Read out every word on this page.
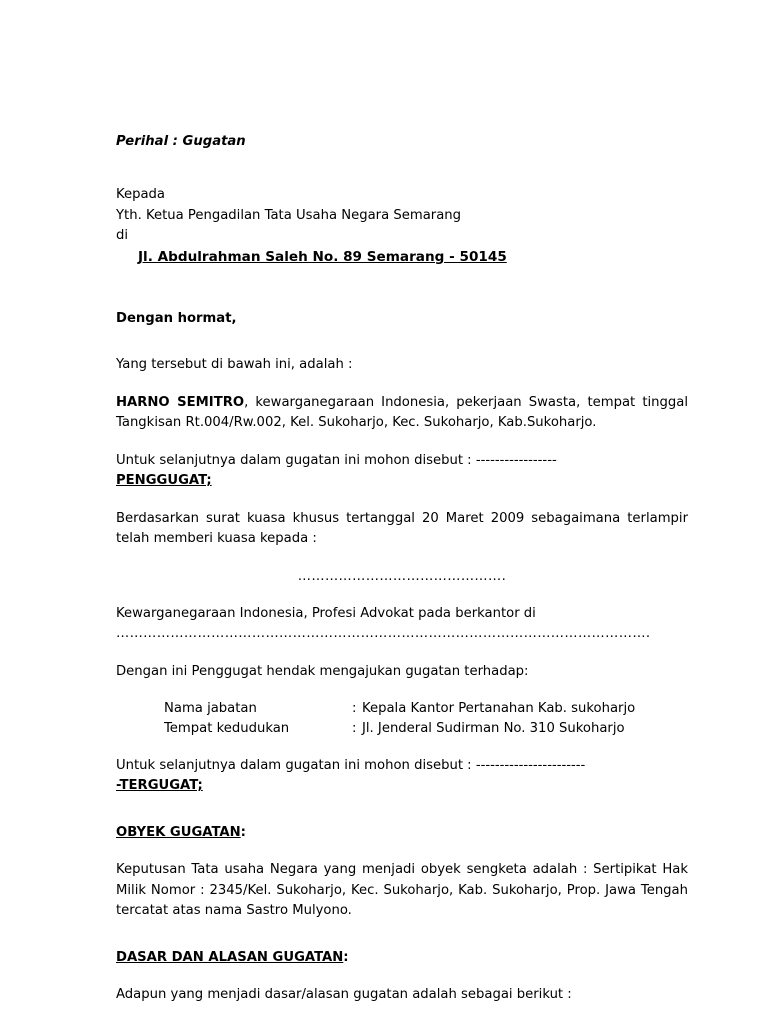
Perihal : Gugatan
Kepada
Yth. Ketua Pengadilan Tata Usaha Negara Semarang
di
Jl. Abdulrahman Saleh No. 89 Semarang - 50145
Dengan hormat,
Yang tersebut di bawah ini, adalah :
HARNO SEMITRO, kewarganegaraan Indonesia, pekerjaan Swasta, tempat tinggal Tangkisan Rt.004/Rw.002, Kel. Sukoharjo, Kec. Sukoharjo, Kab.Sukoharjo.
Untuk selanjutnya dalam gugatan ini mohon disebut : -----------------
PENGGUGAT;
Berdasarkan surat kuasa khusus tertanggal 20 Maret 2009 sebagaimana terlampir telah memberi kuasa kepada :
……………………………………….
Kewarganegaraan Indonesia, Profesi Advokat pada berkantor di
……………………………………………………………………………………………………….
Dengan ini Penggugat hendak mengajukan gugatan terhadap:
Nama jabatan	: Kepala Kantor Pertanahan Kab. sukoharjo
Tempat kedudukan	: Jl. Jenderal Sudirman No. 310 Sukoharjo
Untuk selanjutnya dalam gugatan ini mohon disebut : -----------------------
-TERGUGAT;
OBYEK GUGATAN:
Keputusan Tata usaha Negara yang menjadi obyek sengketa adalah : Sertipikat Hak Milik Nomor : 2345/Kel. Sukoharjo, Kec. Sukoharjo, Kab. Sukoharjo, Prop. Jawa Tengah tercatat atas nama Sastro Mulyono.
DASAR DAN ALASAN GUGATAN:
Adapun yang menjadi dasar/alasan gugatan adalah sebagai berikut :
